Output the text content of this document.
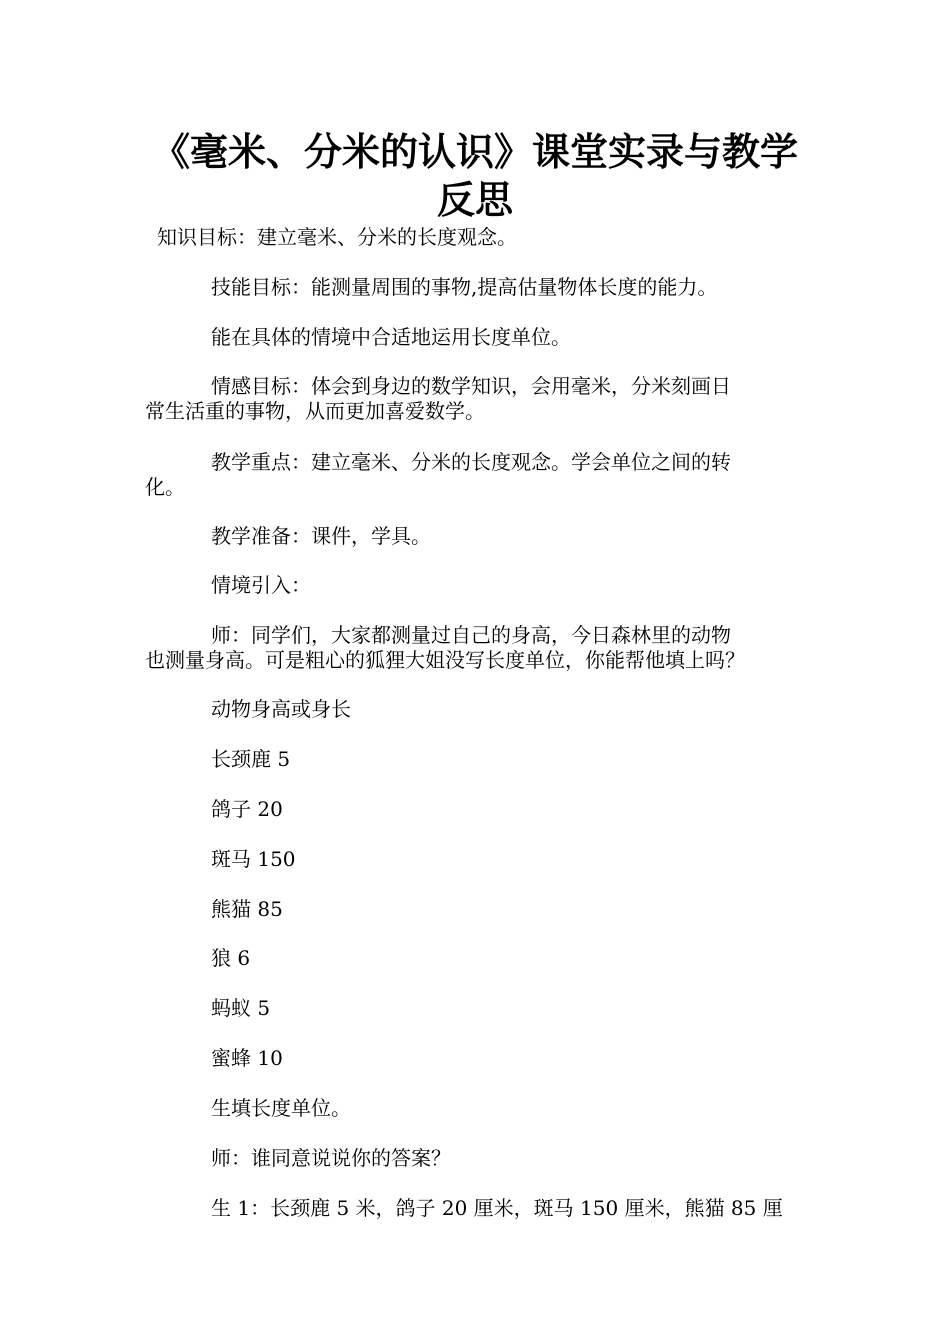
《毫米、分米的认识》课堂实录与教学
反思

知识目标：建立毫米、分米的长度观念。

技能目标：能测量周围的事物,提高估量物体长度的能力。

能在具体的情境中合适地运用长度单位。

情感目标：体会到身边的数学知识，会用毫米，分米刻画日

常生活重的事物，从而更加喜爱数学。

教学重点：建立毫米、分米的长度观念。学会单位之间的转

化。

教学准备：课件，学具。

情境引入：

师：同学们，大家都测量过自己的身高，今日森林里的动物

也测量身高。可是粗心的狐狸大姐没写长度单位，你能帮他填上吗？

动物身高或身长

长颈鹿 5

鸽子 20

斑马 150

熊猫 85

狼 6

蚂蚁 5

蜜蜂 10

生填长度单位。

师：谁同意说说你的答案？

生 1：长颈鹿 5 米，鸽子 20 厘米，斑马 150 厘米，熊猫 85 厘
